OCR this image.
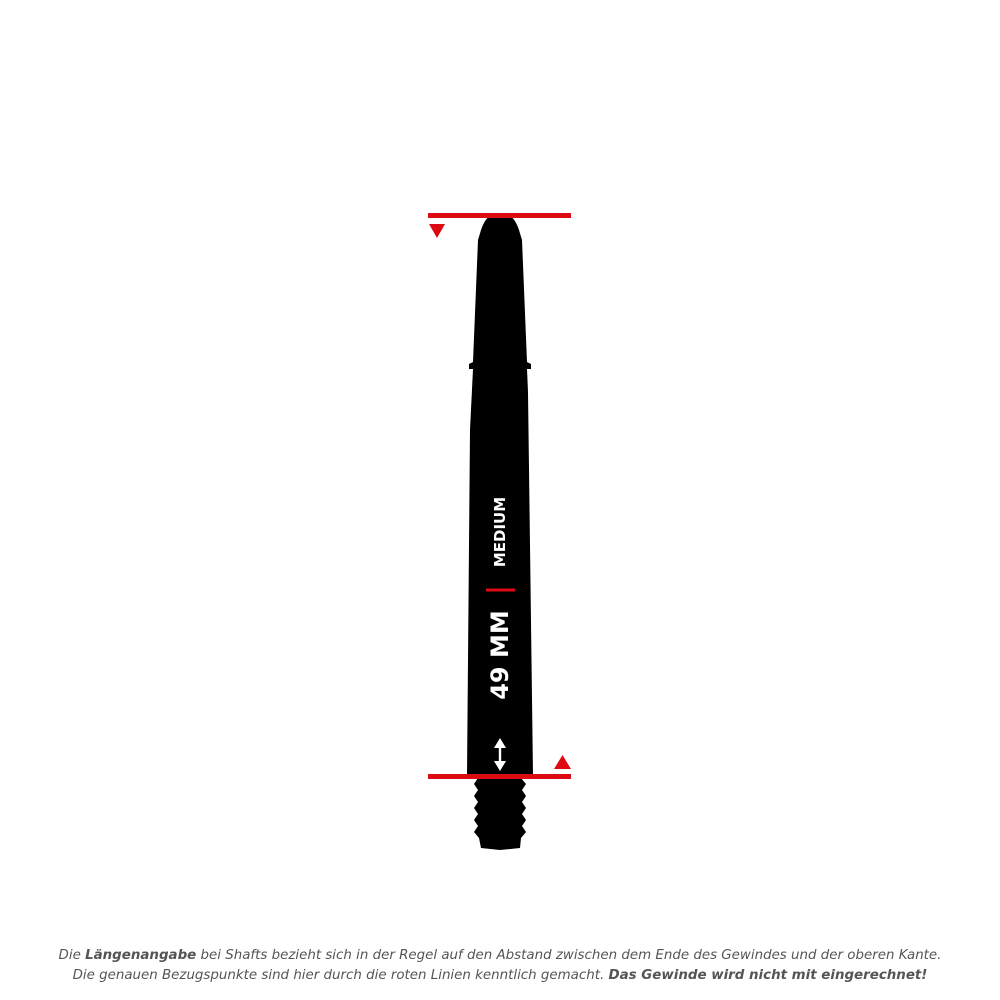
MEDIUM
49 MM
Die Längenangabe bei Shafts bezieht sich in der Regel auf den Abstand zwischen dem Ende des Gewindes und der oberen Kante.
Die genauen Bezugspunkte sind hier durch die roten Linien kenntlich gemacht. Das Gewinde wird nicht mit eingerechnet!
